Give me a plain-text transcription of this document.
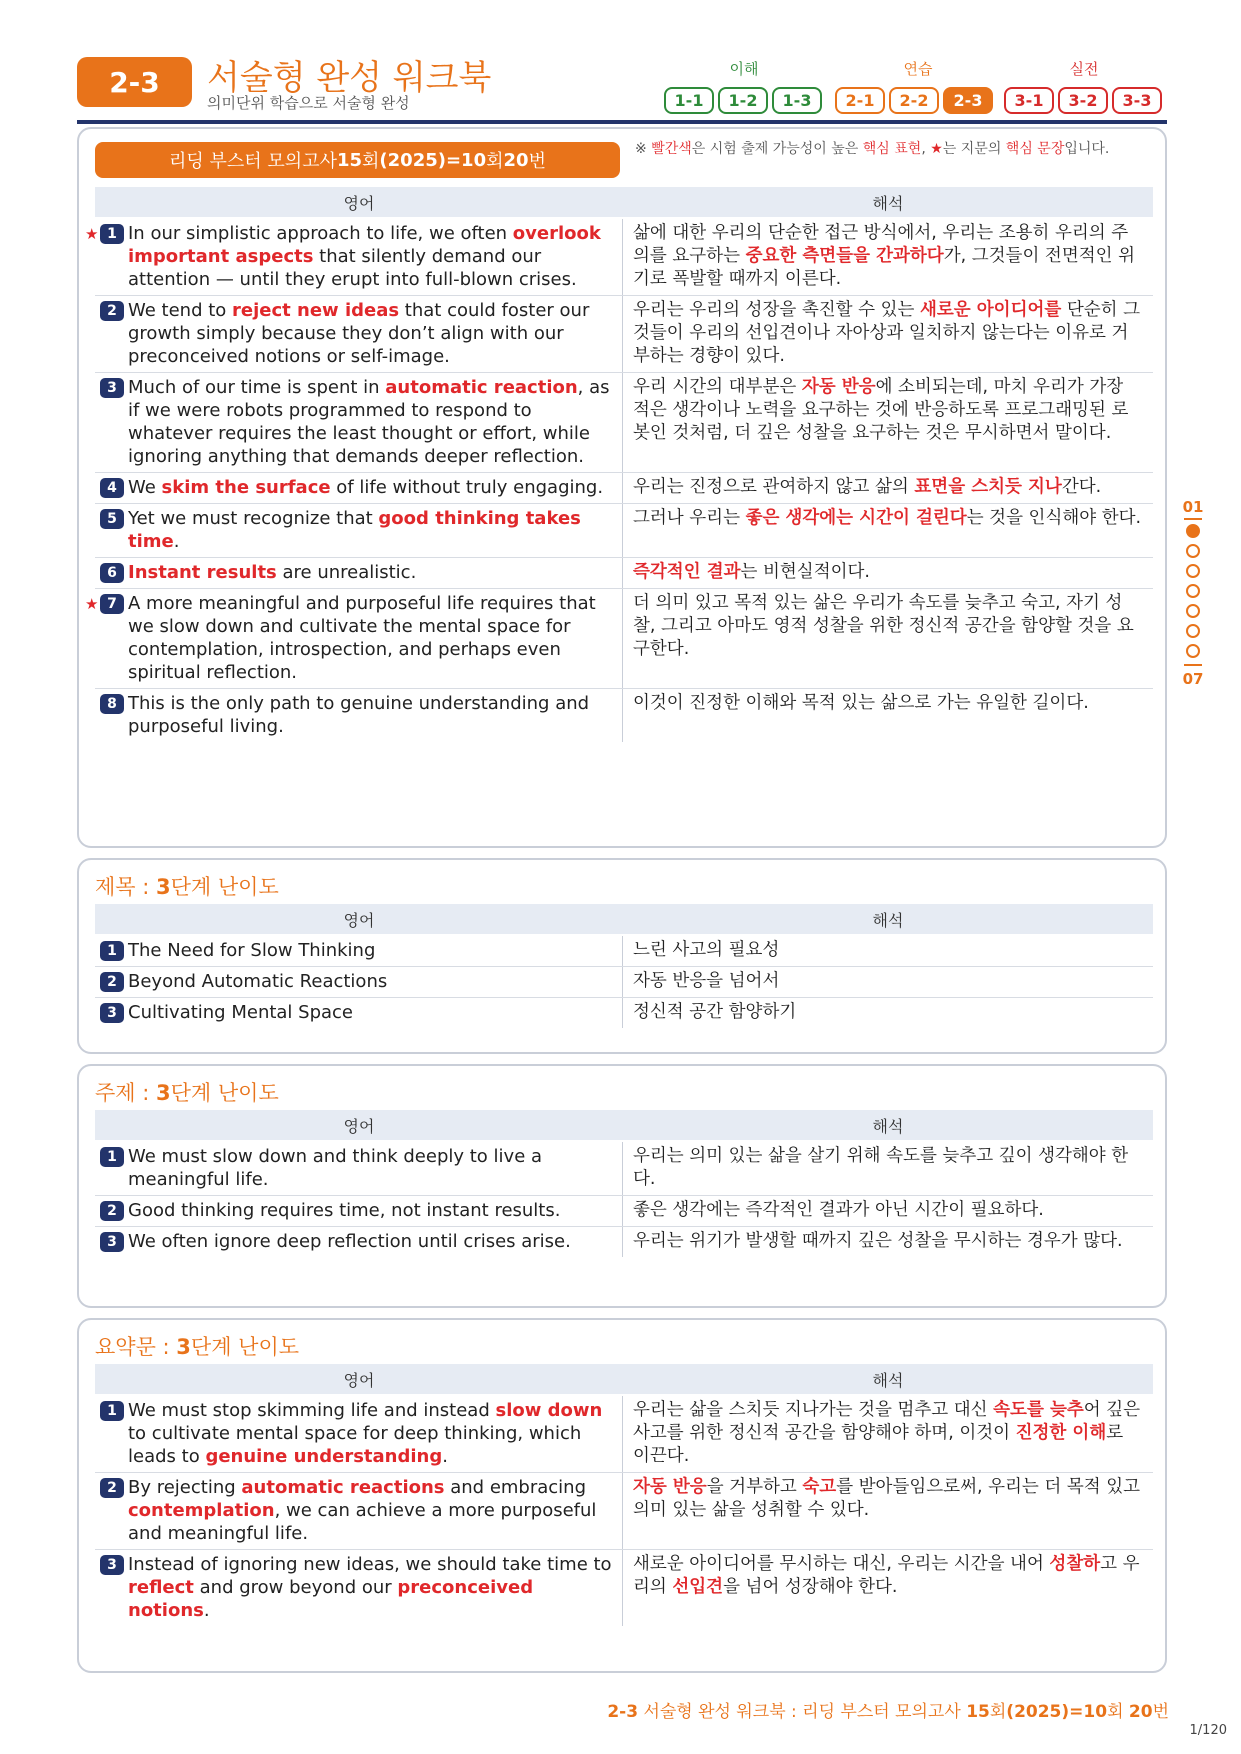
2-3	서술형 완성 워크북
의미단위 학습으로 서술형 완성
이해	연습	실전
1-1	1-2	1-3	2-1	2-2	2-3	3-1	3-2	3-3
리딩 부스터 모의고사 15 회 (2025)=10 회 20 번
※ 빨간색은 시험 출제 가능성이 높은 핵심 표현, ★는 지문의 핵심 문장입니다.
영어	해석
★ 1 In our simplistic approach to life, we often overlook important aspects that silently demand our attention — until they erupt into full-blown crises.
삶에 대한 우리의 단순한 접근 방식에서, 우리는 조용히 우리의 주의를 요구하는 중요한 측면들을 간과하다가, 그것들이 전면적인 위기로 폭발할 때까지 이른다.
2 We tend to reject new ideas that could foster our growth simply because they don’t align with our preconceived notions or self-image.
우리는 우리의 성장을 촉진할 수 있는 새로운 아이디어를 단순히 그것들이 우리의 선입견이나 자아상과 일치하지 않는다는 이유로 거부하는 경향이 있다.
3 Much of our time is spent in automatic reaction, as if we were robots programmed to respond to whatever requires the least thought or effort, while ignoring anything that demands deeper reflection.
우리 시간의 대부분은 자동 반응에 소비되는데, 마치 우리가 가장 적은 생각이나 노력을 요구하는 것에 반응하도록 프로그래밍된 로봇인 것처럼, 더 깊은 성찰을 요구하는 것은 무시하면서 말이다.
4 We skim the surface of life without truly engaging.	우리는 진정으로 관여하지 않고 삶의 표면을 스치듯 지나간다.
5 Yet we must recognize that good thinking takes time.
그러나 우리는 좋은 생각에는 시간이 걸린다는 것을 인식해야 한다.
6 Instant results are unrealistic.	즉각적인 결과는 비현실적이다.
★ 7 A more meaningful and purposeful life requires that we slow down and cultivate the mental space for contemplation, introspection, and perhaps even spiritual reflection.
더 의미 있고 목적 있는 삶은 우리가 속도를 늦추고 숙고, 자기 성찰, 그리고 아마도 영적 성찰을 위한 정신적 공간을 함양할 것을 요구한다.
8 This is the only path to genuine understanding and purposeful living.
이것이 진정한 이해와 목적 있는 삶으로 가는 유일한 길이다.
제목 : 3단계 난이도
영어	해석
1 The Need for Slow Thinking	느린 사고의 필요성
2 Beyond Automatic Reactions	자동 반응을 넘어서
3 Cultivating Mental Space	정신적 공간 함양하기
주제 : 3단계 난이도
영어	해석
1 We must slow down and think deeply to live a meaningful life.
우리는 의미 있는 삶을 살기 위해 속도를 늦추고 깊이 생각해야 한다.
2 Good thinking requires time, not instant results.	좋은 생각에는 즉각적인 결과가 아닌 시간이 필요하다.
3 We often ignore deep reflection until crises arise.	우리는 위기가 발생할 때까지 깊은 성찰을 무시하는 경우가 많다.
요약문 : 3단계 난이도
영어	해석
1 We must stop skimming life and instead slow down to cultivate mental space for deep thinking, which leads to genuine understanding.
우리는 삶을 스치듯 지나가는 것을 멈추고 대신 속도를 늦추어 깊은 사고를 위한 정신적 공간을 함양해야 하며, 이것이 진정한 이해로 이끈다.
2 By rejecting automatic reactions and embracing contemplation, we can achieve a more purposeful and meaningful life.
자동 반응을 거부하고 숙고를 받아들임으로써, 우리는 더 목적 있고 의미 있는 삶을 성취할 수 있다.
3 Instead of ignoring new ideas, we should take time to reflect and grow beyond our preconceived notions.
새로운 아이디어를 무시하는 대신, 우리는 시간을 내어 성찰하고 우리의 선입견을 넘어 성장해야 한다.
01
07
2-3 서술형 완성 워크북 : 리딩 부스터 모의고사 15회(2025)=10회 20번
1/120
